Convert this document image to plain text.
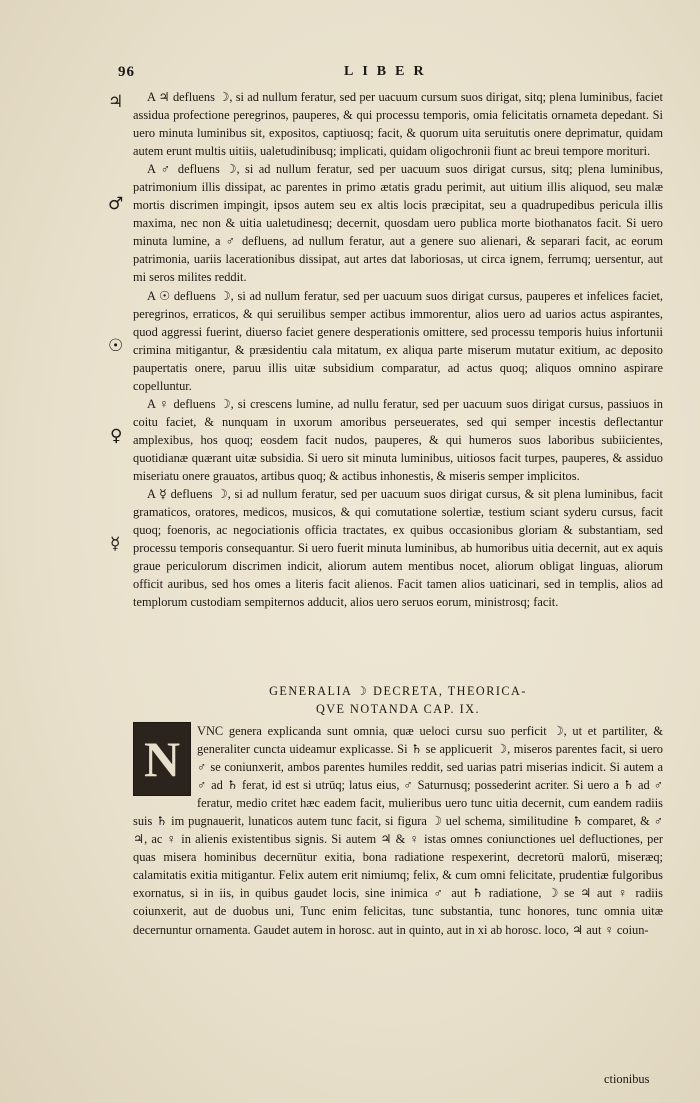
96	LIBER
♃
♂
☉
♀
☿

A ♃ defluens ☽, si ad nullum feratur, sed per uacuum cursum suos dirigat, sitq; plena luminibus, faciet assidua profectione peregrinos, pauperes, & qui processu temporis, omia felicitatis ornameta depedant. Si uero minuta luminibus sit, expositos, captiuosq; facit, & quorum uita seruitutis onere deprimatur, quidam autem erunt multis uitiis, ualetudinibusq; implicati, quidam oligochronii fiunt ac breui tempore morituri.

A ♂ defluens ☽, si ad nullum feratur, sed per uacuum suos dirigat cursus, sitq; plena luminibus, patrimonium illis dissipat, ac parentes in primo ætatis gradu perimit, aut uitium illis aliquod, seu malæ mortis discrimen impingit, ipsos autem seu ex altis locis præcipitat, seu a quadrupedibus pericula illis maxima, nec non & uitia ualetudinesq; decernit, quosdam uero publica morte biothanatos facit. Si uero minuta lumine, a ♂ defluens, ad nullum feratur, aut a genere suo alienari, & separari facit, ac eorum patrimonia, uariis lacerationibus dissipat, aut artes dat laboriosas, ut circa ignem, ferrumq; uersentur, aut mi seros milites reddit.

A ☉ defluens ☽, si ad nullum feratur, sed per uacuum suos dirigat cursus, pauperes et infelices faciet, peregrinos, erraticos, & qui seruilibus semper actibus immorentur, alios uero ad uarios actus aspirantes, quod aggressi fuerint, diuerso faciet genere desperationis omittere, sed processu temporis huius infortunii crimina mitigantur, & præsidentiu cala mitatum, ex aliqua parte miserum mutatur exitium, ac deposito paupertatis onere, paruu illis uitæ subsidium comparatur, ad actus quoq; aliquos omnino aspirare copelluntur.

A ♀ defluens ☽, si crescens lumine, ad nullu feratur, sed per uacuum suos dirigat cursus, passiuos in coitu faciet, & nunquam in uxorum amoribus perseuerates, sed qui semper incestis deflectantur amplexibus, hos quoq; eosdem facit nudos, pauperes, & qui humeros suos laboribus subiicientes, quotidianæ quærant uitæ subsidia. Si uero sit minuta luminibus, uitiosos facit turpes, pauperes, & assiduo miseriatu onere grauatos, artibus quoq; & actibus inhonestis, & miseris semper implicitos.

A ☿ defluens ☽, si ad nullum feratur, sed per uacuum suos dirigat cursus, & sit plena luminibus, facit gramaticos, oratores, medicos, musicos, & qui comutatione solertiæ, testium sciant syderu cursus, facit quoq; foenoris, ac negociationis officia tractates, ex quibus occasionibus gloriam & substantiam, sed processu temporis consequantur. Si uero fuerit minuta luminibus, ab humoribus uitia decernit, aut ex aquis graue periculorum discrimen indicit, aliorum autem mentibus nocet, aliorum obligat linguas, aliorum officit auribus, sed hos omes a literis facit alienos. Facit tamen alios uaticinari, sed in templis, alios ad templorum custodiam sempiternos adducit, alios uero seruos eorum, ministrosq; facit.

GENERALIA ☽ DECRETA, THEORICA-
QVE NOTANDA CAP. IX.
N	VNC genera explicanda sunt omnia, quæ ueloci cursu suo perficit ☽, ut et partiliter, & generaliter cuncta uideamur explicasse. Si ♄ se applicuerit ☽, miseros parentes facit, si uero ♂ se coniunxerit, ambos parentes humiles reddit, sed uarias patri miserias indicit. Si autem a ♂ ad ♄ ferat, id est si utrūq; latus eius, ♂ Saturnusq; possederint acriter. Si uero a ♄ ad ♂ feratur, medio critet hæc eadem facit, mulieribus uero tunc uitia decernit, cum eandem radiis suis ♄ im pugnauerit, lunaticos autem tunc facit, si figura ☽ uel schema, similitudine ♄ comparet, & ♂ ♃, ac ♀ in alienis existentibus signis. Si autem ♃ & ♀ istas omnes coniunctiones uel defluctiones, per quas misera hominibus decernūtur exitia, bona radiatione respexerint, decretorū malorū, miseræq; calamitatis exitia mitigantur. Felix autem erit nimiumq; felix, & cum omni felicitate, prudentiæ fulgoribus exornatus, si in iis, in quibus gaudet locis, sine inimica ♂ aut ♄ radiatione, ☽ se ♃ aut ♀ radiis coiunxerit, aut de duobus uni, Tunc enim felicitas, tunc substantia, tunc honores, tunc omnia uitæ decernuntur ornamenta. Gaudet autem in horosc. aut in quinto, aut in xi ab horosc. loco, ♃ aut ♀ coiun-
ctionibus
